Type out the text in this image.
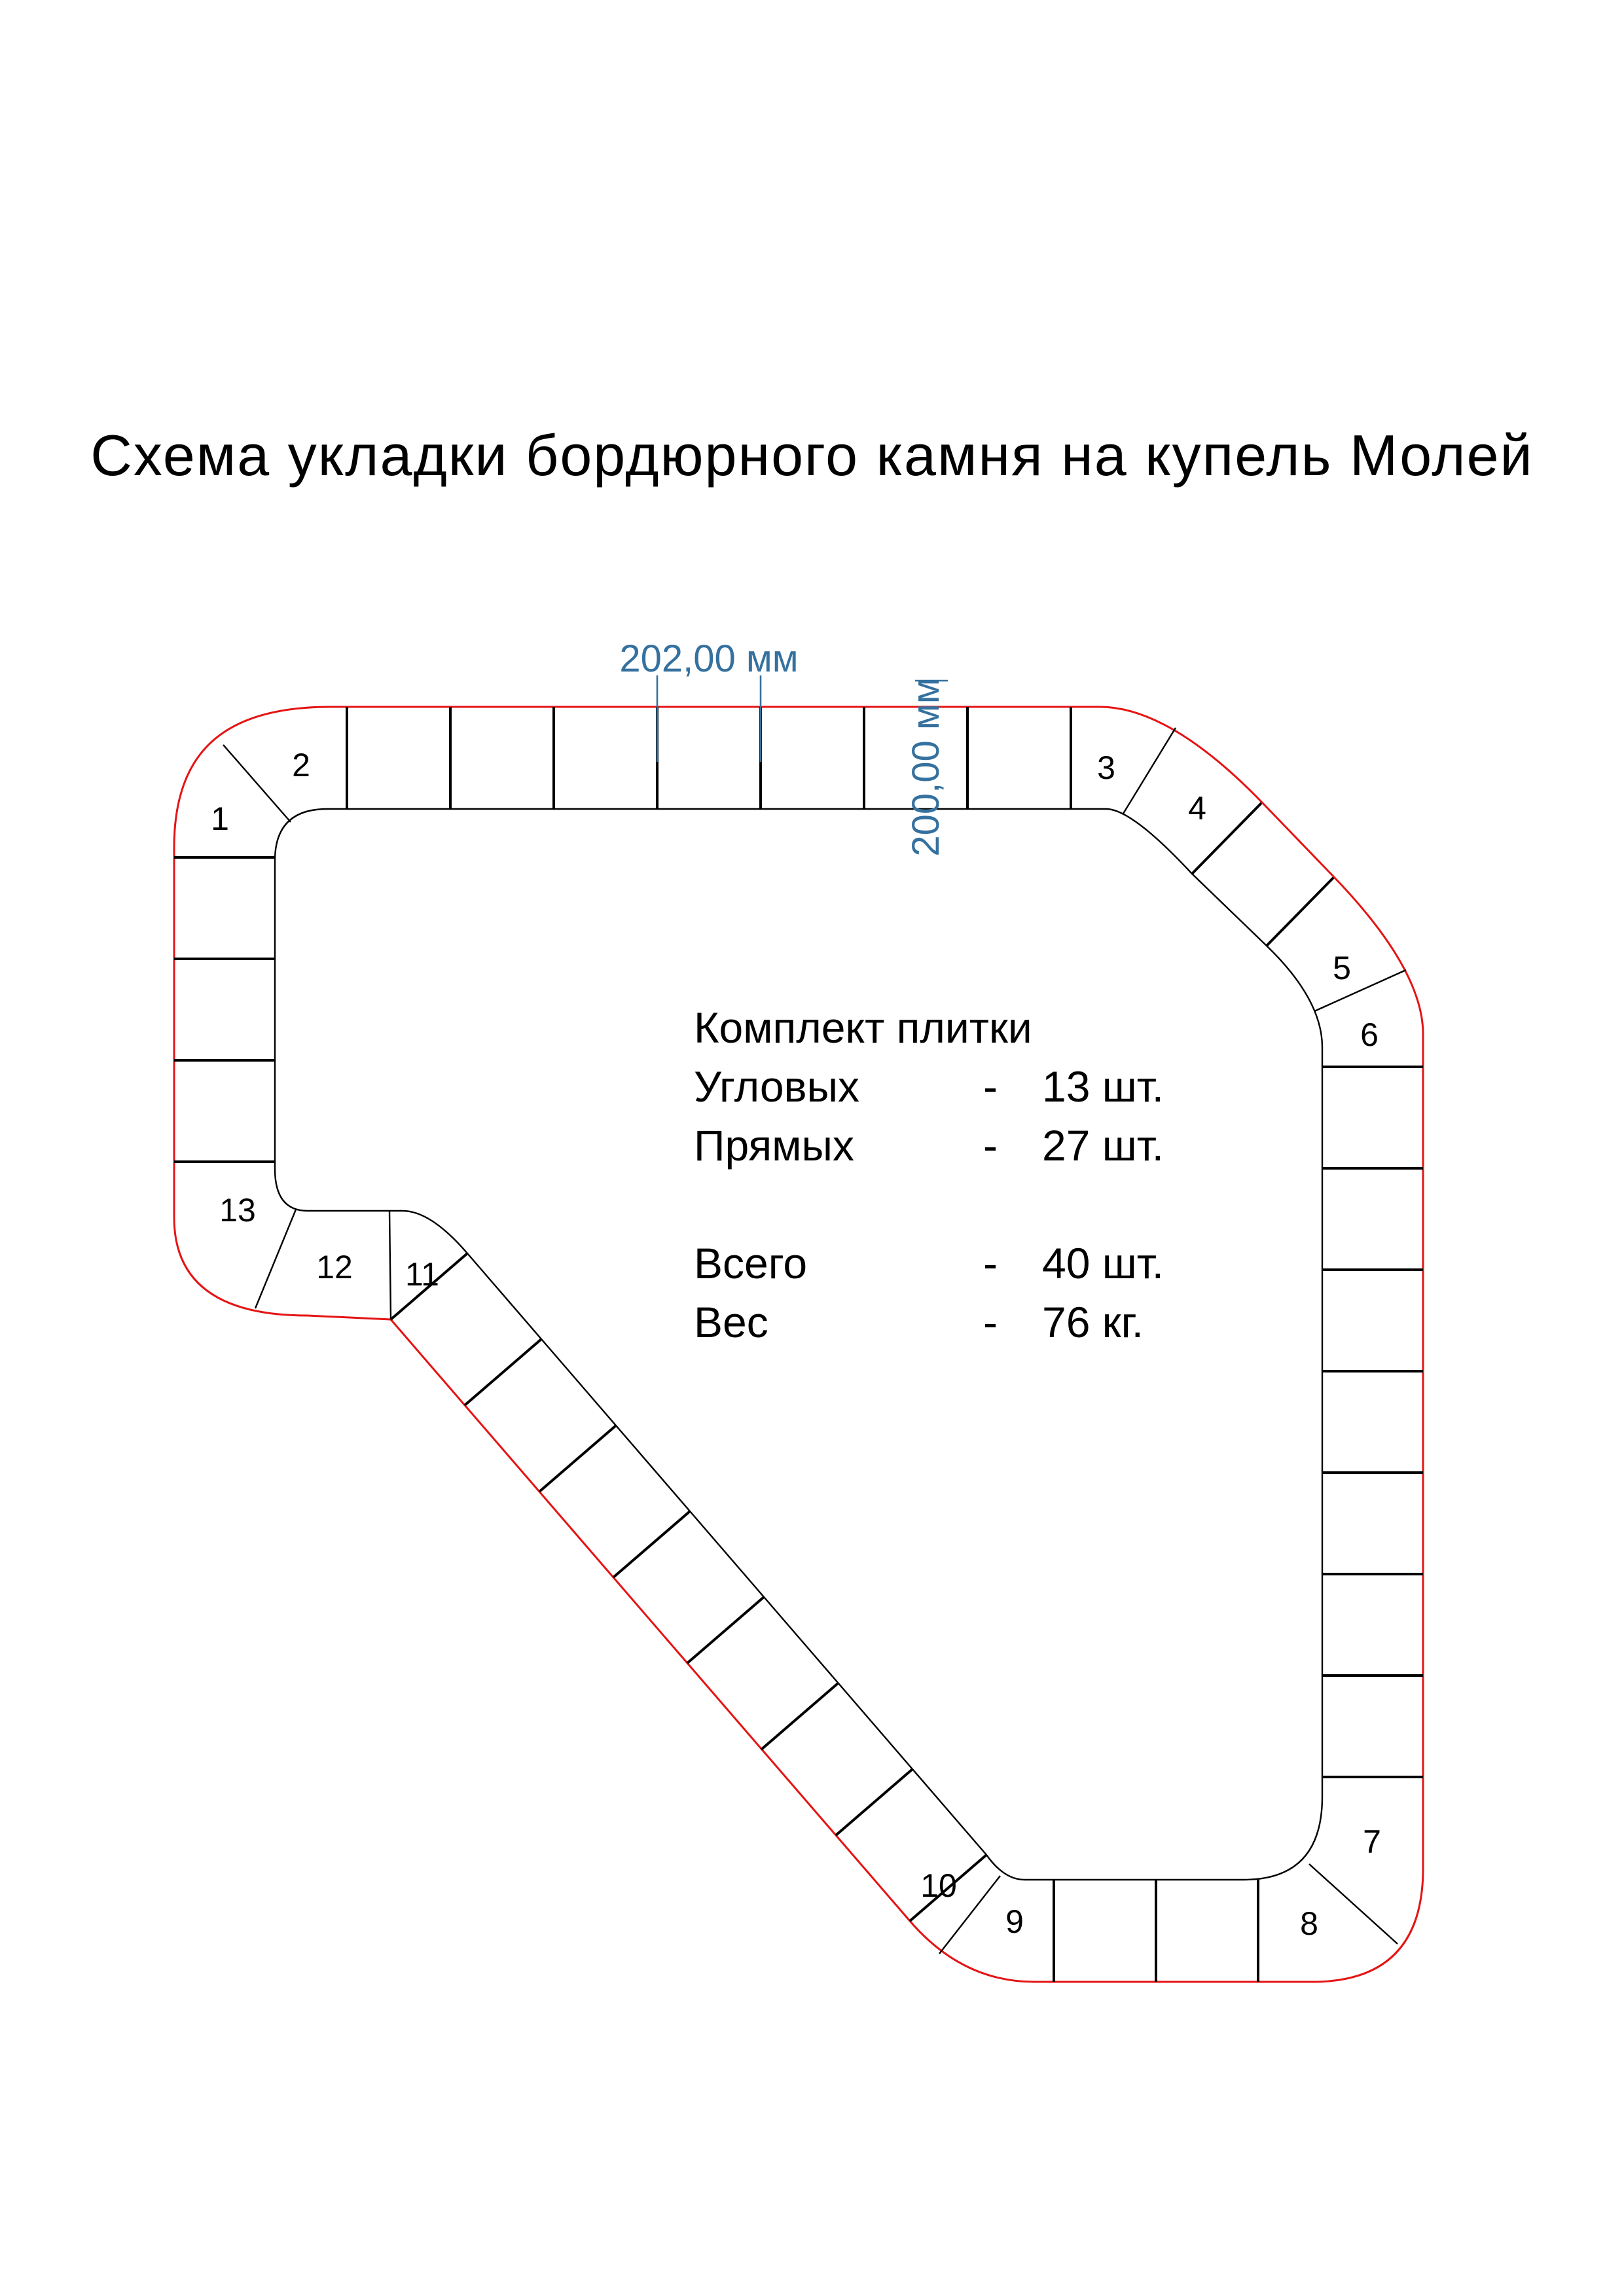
Схема укладки бордюрного камня на купель Молей
1
2	3
4
5
6
7
8
9
10
11
12
13
202,00 мм
200,00 мм
Комплект плитки
Угловых	-	13 шт.
Прямых	-	27 шт.
Всего	-	40 шт.
Вес	-	76 кг.
